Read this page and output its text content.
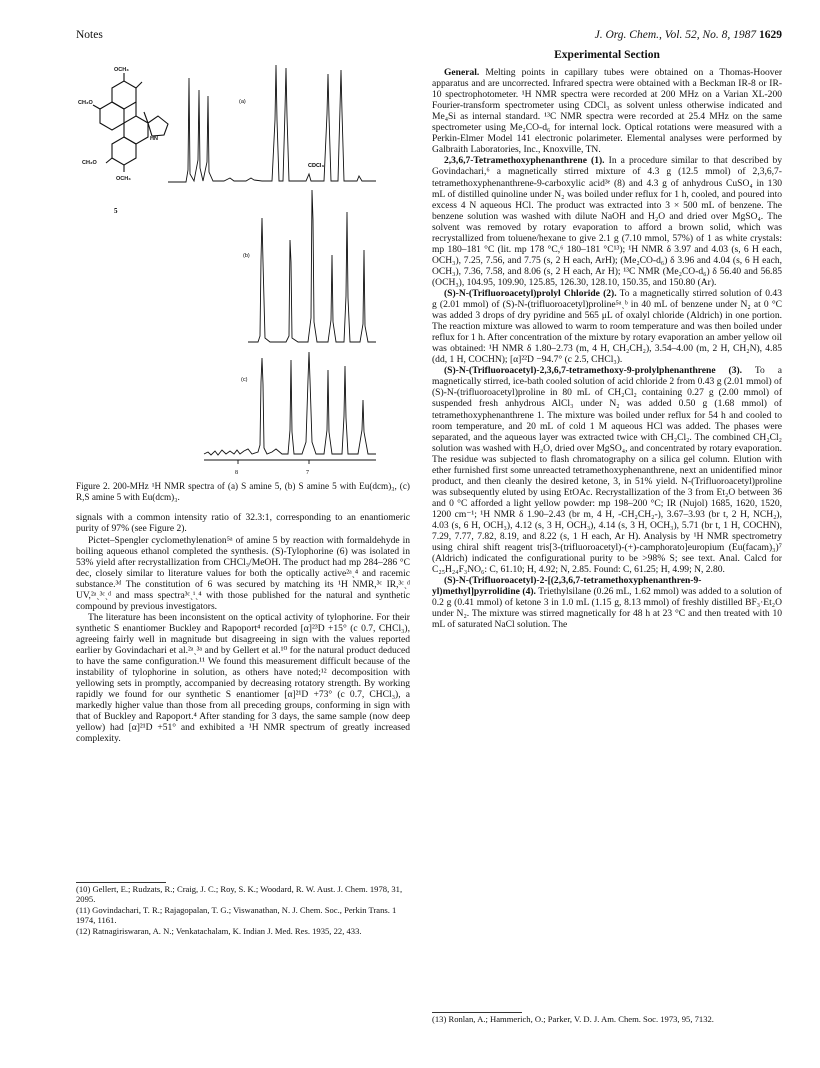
Notes	J. Org. Chem., Vol. 52, No. 8, 1987 1629
OCH₃
CH₃O
OCH₃
CH₃O
HN
5
(a)
(b)
(c)
CDCl₃
8	7

Figure 2. 200-MHz ¹H NMR spectra of (a) S amine 5, (b) S amine 5 with Eu(dcm)₃, (c) R,S amine 5 with Eu(dcm)₃.

signals with a common intensity ratio of 32.3:1, corresponding to an enantiomeric purity of 97% (see Figure 2).

Pictet–Spengler cyclomethylenation⁵ᵃ of amine 5 by reaction with formaldehyde in boiling aqueous ethanol completed the synthesis. (S)-Tylophorine (6) was isolated in 53% yield after recrystallization from CHCl₃/MeOH. The product had mp 284–286 °C dec, closely similar to literature values for both the optically active²ᵃˎ⁴ and racemic substance.³ᵈ The constitution of 6 was secured by matching its ¹H NMR,³ᶜ IR,³ᶜˎᵈ UV,²ᵃˎ³ᶜˎᵈ and mass spectra³ᶜˎⁱˎ⁴ with those published for the natural and synthetic compound by previous investigators.

The literature has been inconsistent on the optical activity of tylophorine. For their synthetic S enantiomer Buckley and Rapoport⁴ recorded [α]²³D +15° (c 0.7, CHCl₃), agreeing fairly well in magnitude but disagreeing in sign with the values reported earlier by Govindachari et al.²ᵃˎ³ᵃ and by Gellert et al.¹⁰ for the natural product deduced to have the same configuration.¹¹ We found this measurement difficult because of the instability of tylophorine in solution, as others have noted;¹² decomposition with yellowing sets in promptly, accompanied by decreasing rotatory strength. By working rapidly we found for our synthetic S enantiomer [α]²¹D +73° (c 0.7, CHCl₃), a markedly higher value than those from all preceding groups, conforming in sign with that of Buckley and Rapoport.⁴ After standing for 3 days, the same sample (now deep yellow) had [α]²¹D +51° and exhibited a ¹H NMR spectrum of greatly increased complexity.

(10) Gellert, E.; Rudzats, R.; Craig, J. C.; Roy, S. K.; Woodard, R. W. Aust. J. Chem. 1978, 31, 2095.

(11) Govindachari, T. R.; Rajagopalan, T. G.; Viswanathan, N. J. Chem. Soc., Perkin Trans. 1 1974, 1161.

(12) Ratnagiriswaran, A. N.; Venkatachalam, K. Indian J. Med. Res. 1935, 22, 433.

Experimental Section

General. Melting points in capillary tubes were obtained on a Thomas-Hoover apparatus and are uncorrected. Infrared spectra were obtained with a Beckman IR-8 or IR-10 spectrophotometer. ¹H NMR spectra were recorded at 200 MHz on a Varian XL-200 Fourier-transform spectrometer using CDCl₃ as solvent unless otherwise indicated and Me₄Si as internal standard. ¹³C NMR spectra were recorded at 25.4 MHz on the same spectrometer using Me₂CO-d₆ for internal lock. Optical rotations were measured with a Perkin-Elmer Model 141 electronic polarimeter. Elemental analyses were performed by Galbraith Laboratories, Inc., Knoxville, TN.

2,3,6,7-Tetramethoxyphenanthrene (1). In a procedure similar to that described by Govindachari,⁶ a magnetically stirred mixture of 4.3 g (12.5 mmol) of 2,3,6,7-tetramethoxyphenanthrene-9-carboxylic acid³ᵉ (8) and 4.3 g of anhydrous CuSO₄ in 130 mL of distilled quinoline under N₂ was boiled under reflux for 1 h, cooled, and poured into excess 4 N aqueous HCl. The product was extracted into 3 × 500 mL of benzene. The benzene solution was washed with dilute NaOH and H₂O and dried over MgSO₄. The solvent was removed by rotary evaporation to afford a brown solid, which was recrystallized from toluene/hexane to give 2.1 g (7.10 mmol, 57%) of 1 as white crystals: mp 180–181 °C (lit. mp 178 °C,⁶ 180–181 °C¹³); ¹H NMR δ 3.97 and 4.03 (s, 6 H each, OCH₃), 7.25, 7.56, and 7.75 (s, 2 H each, ArH); (Me₂CO-d₆) δ 3.96 and 4.04 (s, 6 H each, OCH₃), 7.36, 7.58, and 8.06 (s, 2 H each, Ar H); ¹³C NMR (Me₂CO-d₆) δ 56.40 and 56.85 (OCH₃), 104.95, 109.90, 125.85, 126.30, 128.10, 150.35, and 150.80 (Ar).

(S)-N-(Trifluoroacetyl)prolyl Chloride (2). To a magnetically stirred solution of 0.43 g (2.01 mmol) of (S)-N-(trifluoroacetyl)proline⁵ᵃˎᵇ in 40 mL of benzene under N₂ at 0 °C was added 3 drops of dry pyridine and 565 μL of oxalyl chloride (Aldrich) in one portion. The reaction mixture was allowed to warm to room temperature and was then boiled under reflux for 1 h. After concentration of the mixture by rotary evaporation an amber yellow oil was obtained: ¹H NMR δ 1.80–2.73 (m, 4 H, CH₂CH₂), 3.54–4.00 (m, 2 H, CH₂N), 4.85 (dd, 1 H, COCHN); [α]²²D −94.7° (c 2.5, CHCl₃).

(S)-N-(Trifluoroacetyl)-2,3,6,7-tetramethoxy-9-prolylphenanthrene (3). To a magnetically stirred, ice-bath cooled solution of acid chloride 2 from 0.43 g (2.01 mmol) of (S)-N-(trifluoroacetyl)proline in 80 mL of CH₂Cl₂ containing 0.27 g (2.00 mmol) of suspended fresh anhydrous AlCl₃ under N₂ was added 0.50 g (1.68 mmol) of tetramethoxyphenanthrene 1. The mixture was boiled under reflux for 54 h and cooled to room temperature, and 20 mL of cold 1 M aqueous HCl was added. The phases were separated, and the aqueous layer was extracted twice with CH₂Cl₂. The combined CH₂Cl₂ solution was washed with H₂O, dried over MgSO₄, and concentrated by rotary evaporation. The residue was subjected to flash chromatography on a silica gel column. Elution with ether furnished first some unreacted tetramethoxyphenanthrene, next an unidentified minor product, and then cleanly the desired ketone, 3, in 51% yield. N-(Trifluoroacetyl)proline was subsequently eluted by using EtOAc. Recrystallization of the 3 from Et₂O between 36 and 0 °C afforded a light yellow powder: mp 198–200 °C; IR (Nujol) 1685, 1620, 1520, 1200 cm⁻¹; ¹H NMR δ 1.90–2.43 (br m, 4 H, -CH₂CH₂-), 3.67–3.93 (br t, 2 H, NCH₂), 4.03 (s, 6 H, OCH₃), 4.12 (s, 3 H, OCH₃), 4.14 (s, 3 H, OCH₃), 5.71 (br t, 1 H, COCHN), 7.29, 7.77, 7.82, 8.19, and 8.22 (s, 1 H each, Ar H). Analysis by ¹H NMR spectrometry using chiral shift reagent tris[3-(trifluoroacetyl)-(+)-camphorato]europium (Eu(facam)₃)⁷ (Aldrich) indicated the configurational purity to be >98% S; see text. Anal. Calcd for C₂₅H₂₄F₃NO₆: C, 61.10; H, 4.92; N, 2.85. Found: C, 61.25; H, 4.99; N, 2.80.

(S)-N-(Trifluoroacetyl)-2-[(2,3,6,7-tetramethoxyphenanthren-9-yl)methyl]pyrrolidine (4). Triethylsilane (0.26 mL, 1.62 mmol) was added to a solution of 0.2 g (0.41 mmol) of ketone 3 in 1.0 mL (1.15 g, 8.13 mmol) of freshly distilled BF₃·Et₂O under N₂. The mixture was stirred magnetically for 48 h at 23 °C and then treated with 10 mL of saturated NaCl solution. The

(13) Ronlan, A.; Hammerich, O.; Parker, V. D. J. Am. Chem. Soc. 1973, 95, 7132.
